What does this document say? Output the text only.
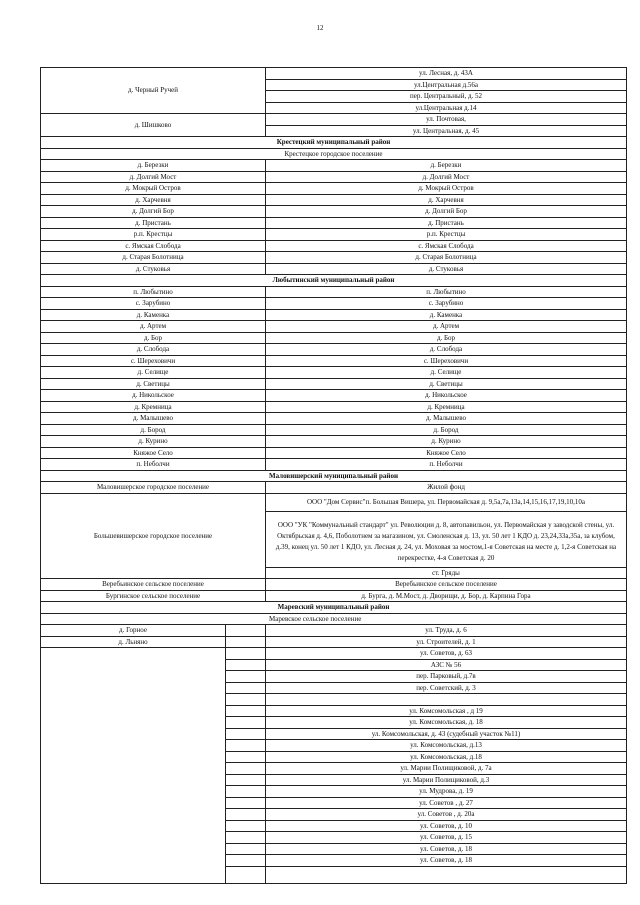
12
д. Черный Ручей		ул. Лесная, д. 43А
		ул.Центральная д.56а
		пер. Центральный, д. 52
		ул.Центральная д.14
д. Шишково		ул. Почтовая,
		ул. Центральная, д. 45
Крестецкий муниципальный район		
Крестецкое городское поселение		
д. Березки		д. Березки
д. Долгий Мост		д. Долгий Мост
д. Мокрый Остров		д. Мокрый Остров
д. Харчевня		д. Харчевня
д. Долгий Бор		д. Долгий Бор
д. Пристань		д. Пристань
р.п. Крестцы		р.п. Крестцы
с. Ямская Слобода		с. Ямская Слобода
д. Старая Болотница		д. Старая Болотница
д. Стуковья		д. Стуковья
Любытинский муниципальный район		
п. Любытино		п. Любытино
с. Зарубино		с. Зарубино
д. Каменка		д. Каменка
д. Артем		д. Артем
д. Бор		д. Бор
д. Слобода		д. Слобода
с. Шереховичи		с. Шереховичи
д. Селище		д. Селище
д. Светицы		д. Светицы
д. Никольское		д. Никольское
д. Кремница		д. Кремница
д. Малышево		д. Малышево
д. Бород		д. Бород
д. Курино		д. Курино
Княжое Село		Княжое Село
п. Неболчи		п. Неболчи
Маловишерский муниципальный район		
Маловишерское городское поселение		Жилой фонд
Большевишерское городское поселение		ООО "Дом Сервис"п. Большая Вишера, ул. Первомайская д. 9,5а,7а,13а,14,15,16,17,19,10,10а
		ООО "УК "Коммунальный стандарт" ул. Революции д. 8, автопавильон, ул. Первомайская у заводской стены, ул. Октябрьская д. 4,6, Поболотнем за магазином, ул. Смоленская д. 13, ул. 50 лет 1 КДО д. 23,24,33а,35а, за клубом, д.39, конец ул. 50 лет 1 КДО, ул. Лесная д. 24, ул. Моховая за мостом,1-я Советская на месте д. 1,2-я Советская на перекрестке, 4-я Советская д. 20
		ст. Гряды
Веребьинское сельское поселение		Веребьинское сельское поселение
Бургинское сельское поселение		д. Бурга, д. М.Мост, д. Дворищи, д. Бор, д. Карпина Гора
Маревский муниципальный район		
Маревское сельское поселение		
д. Горное		ул. Труда, д. 6
д. Льняно		ул. Строителей, д. 1
		ул. Советов, д. 63
		АЗС № 56
		пер. Парковый, д.7в
		пер. Советский, д. 3

		ул. Комсомольская , д 19
		ул. Комсомольская, д. 18
		ул. Комсомольская, д. 43 (судебный участок №11)
		ул. Комсомольская, д.13
		ул. Комсомольская, д.18
		ул. Марии Полищиковой, д. 7а
		ул. Марии Полищиковой, д.3
		ул. Мудрова, д. 19
		ул. Советов , д. 27
		ул. Советов , д. 20а
		ул. Советов, д. 10
		ул. Советов, д. 15
		ул. Советов, д. 18
		ул. Советов, д. 18
